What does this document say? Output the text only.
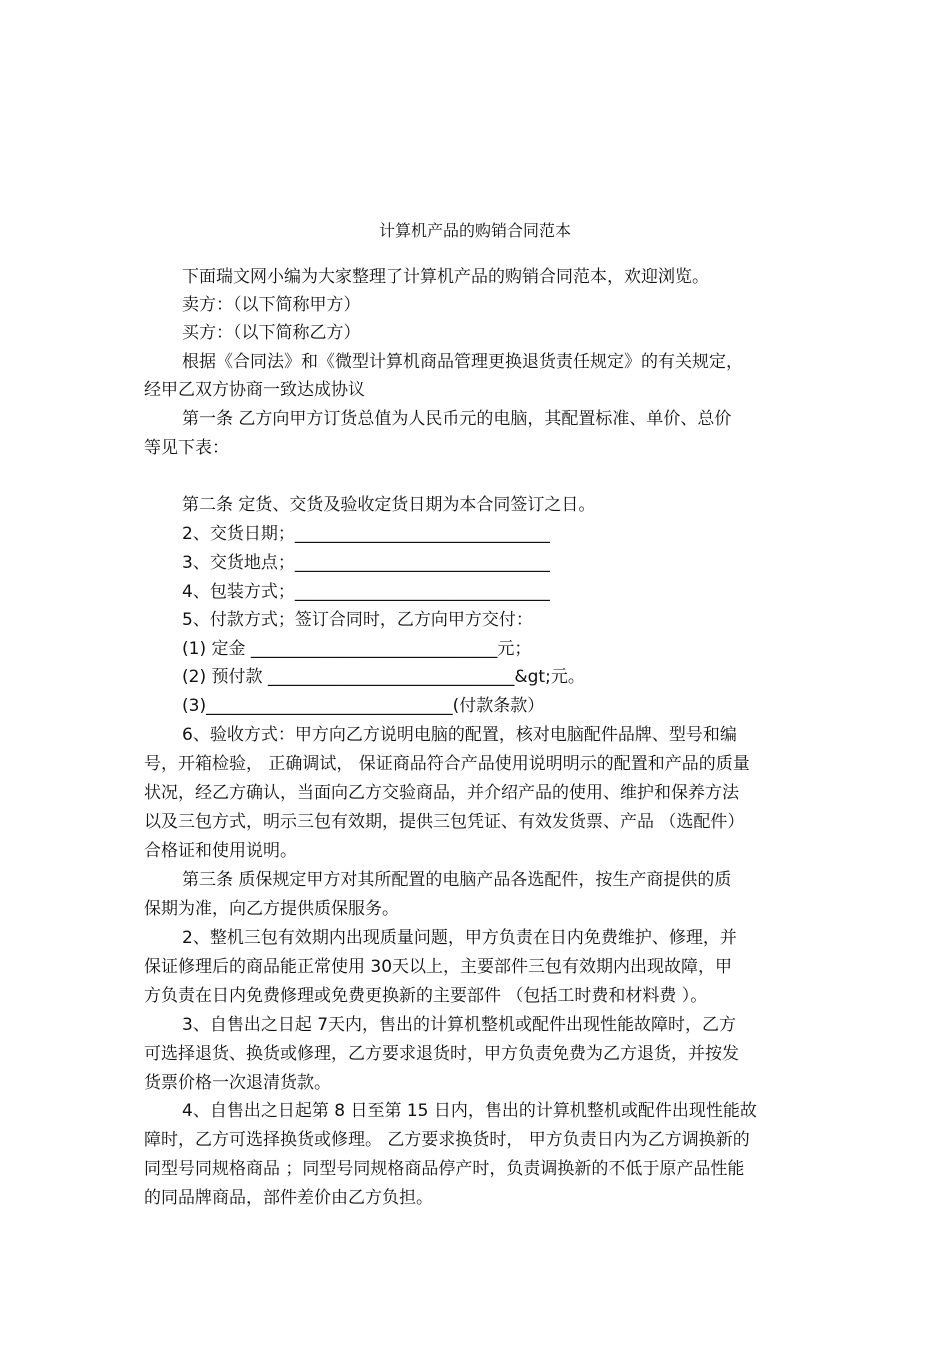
计算机产品的购销合同范本
下面瑞文网小编为大家整理了计算机产品的购销合同范本，欢迎浏览。
卖方：（以下简称甲方）
买方：（以下简称乙方）
根据《合同法》和《微型计算机商品管理更换退货责任规定》的有关规定，
经甲乙双方协商一致达成协议
第一条 乙方向甲方订货总值为人民币元的电脑，其配置标准、单价、总价
等见下表：
第二条 定货、交货及验收定货日期为本合同签订之日。
2、交货日期；______________________________
3、交货地点；______________________________
4、包装方式；______________________________
5、付款方式；签订合同时，乙方向甲方交付：
(1) 定金 _____________________________元；
(2) 预付款 _____________________________&gt;元。
(3)_____________________________(付款条款）
6、验收方式：甲方向乙方说明电脑的配置，核对电脑配件品牌、型号和编
号，开箱检验， 正确调试， 保证商品符合产品使用说明明示的配置和产品的质量
状况，经乙方确认，当面向乙方交验商品，并介绍产品的使用、维护和保养方法
以及三包方式，明示三包有效期，提供三包凭证、有效发货票、产品 （选配件）
合格证和使用说明。
第三条 质保规定甲方对其所配置的电脑产品各选配件，按生产商提供的质
保期为准，向乙方提供质保服务。
2、整机三包有效期内出现质量问题，甲方负责在日内免费维护、修理，并
保证修理后的商品能正常使用 30天以上，主要部件三包有效期内出现故障，甲
方负责在日内免费修理或免费更换新的主要部件 （包括工时费和材料费 ）。
3、自售出之日起 7天内，售出的计算机整机或配件出现性能故障时，乙方
可选择退货、换货或修理，乙方要求退货时，甲方负责免费为乙方退货，并按发
货票价格一次退清货款。
4、自售出之日起第 8 日至第 15 日内，售出的计算机整机或配件出现性能故
障时，乙方可选择换货或修理。 乙方要求换货时， 甲方负责日内为乙方调换新的
同型号同规格商品 ；同型号同规格商品停产时，负责调换新的不低于原产品性能
的同品牌商品，部件差价由乙方负担。
